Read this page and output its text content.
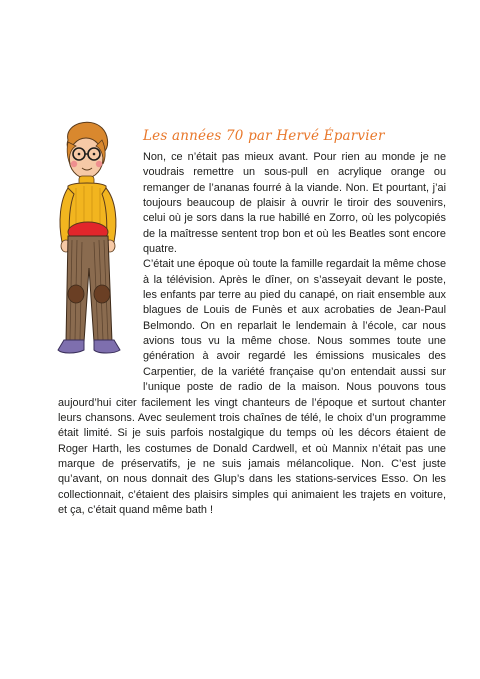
Les années 70 par Hervé Éparvier

Non, ce n’était pas mieux avant. Pour rien au monde je ne voudrais remettre un sous-pull en acrylique orange ou remanger de l’ananas fourré à la viande. Non. Et pourtant, j’ai toujours beaucoup de plaisir à ouvrir le tiroir des souvenirs, celui où je sors dans la rue habillé en Zorro, où les polycopiés de la maîtresse sentent trop bon et où les Beatles sont encore quatre.

C’était une époque où toute la famille regardait la même chose à la télévision. Après le dîner, on s’asseyait devant le poste, les enfants par terre au pied du canapé, on riait ensemble aux blagues de Louis de Funès et aux acrobaties de Jean-Paul Belmondo. On en reparlait le lendemain à l’école, car nous avions tous vu la même chose. Nous sommes toute une génération à avoir regardé les émissions musicales des Carpentier, de la variété française qu’on entendait aussi sur l’unique poste de radio de la maison. Nous pouvons tous aujourd’hui citer facilement les vingt chanteurs de l’époque et surtout chanter leurs chansons. Avec seulement trois chaînes de télé, le choix d’un programme était limité. Si je suis parfois nostalgique du temps où les décors étaient de Roger Harth, les costumes de Donald Cardwell, et où Mannix n’était pas une marque de préservatifs, je ne suis jamais mélancolique. Non. C’est juste qu’avant, on nous donnait des Glup’s dans les stations-services Esso. On les collectionnait, c’étaient des plaisirs simples qui animaient les trajets en voiture, et ça, c’était quand même bath !
